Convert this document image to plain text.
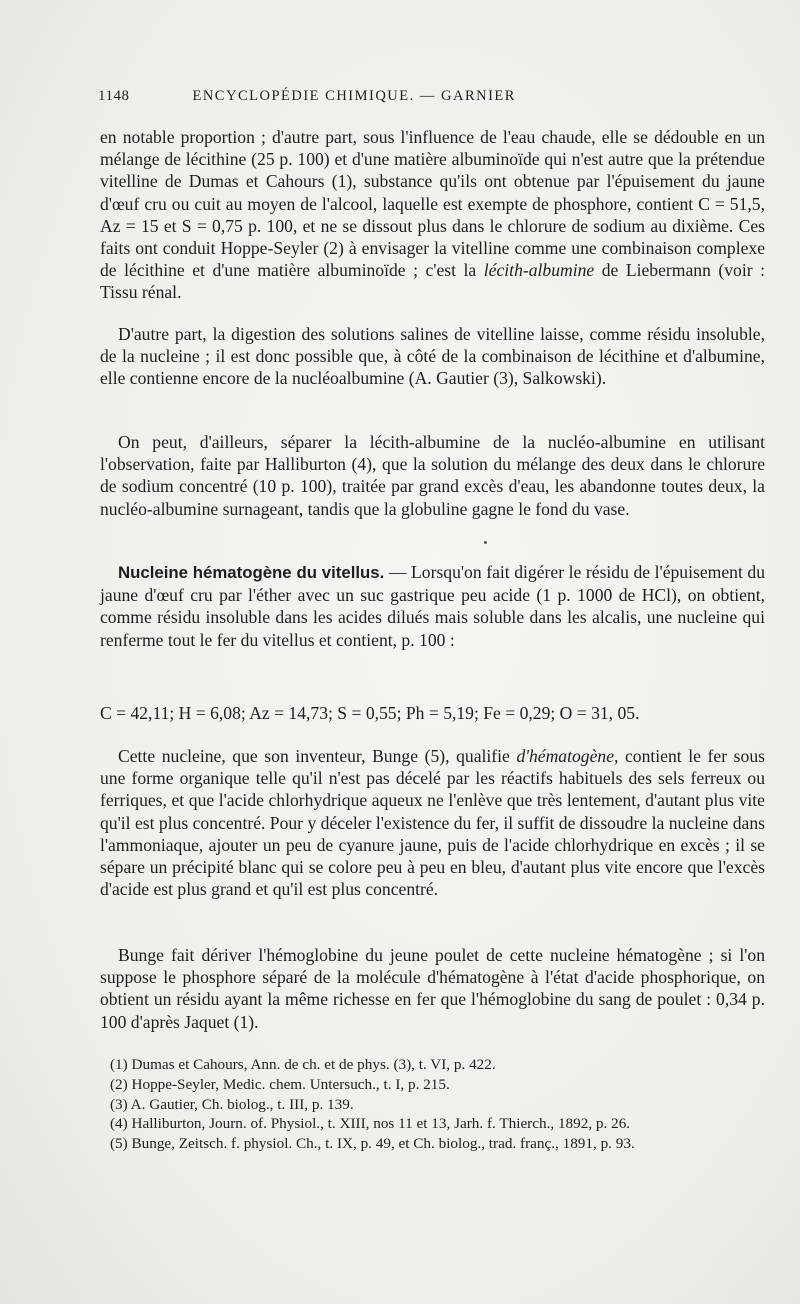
1148	ENCYCLOPÉDIE CHIMIQUE. — GARNIER

en notable proportion ; d'autre part, sous l'influence de l'eau chaude, elle se dédouble en un mélange de lécithine (25 p. 100) et d'une matière albuminoïde qui n'est autre que la prétendue vitelline de Dumas et Cahours (1), substance qu'ils ont obtenue par l'épuisement du jaune d'œuf cru ou cuit au moyen de l'alcool, laquelle est exempte de phosphore, contient C = 51,5, Az = 15 et S = 0,75 p. 100, et ne se dissout plus dans le chlorure de sodium au dixième. Ces faits ont conduit Hoppe-Seyler (2) à envisager la vitelline comme une combinaison complexe de lécithine et d'une matière albuminoïde ; c'est la lécith-albumine de Liebermann (voir : Tissu rénal.

D'autre part, la digestion des solutions salines de vitelline laisse, comme résidu insoluble, de la nucleine ; il est donc possible que, à côté de la combinaison de lécithine et d'albumine, elle contienne encore de la nucléoalbumine (A. Gautier (3), Salkowski).

On peut, d'ailleurs, séparer la lécith-albumine de la nucléo-albumine en utilisant l'observation, faite par Halliburton (4), que la solution du mélange des deux dans le chlorure de sodium concentré (10 p. 100), traitée par grand excès d'eau, les abandonne toutes deux, la nucléo-albumine surnageant, tandis que la globuline gagne le fond du vase.

Nucleine hématogène du vitellus. — Lorsqu'on fait digérer le résidu de l'épuisement du jaune d'œuf cru par l'éther avec un suc gastrique peu acide (1 p. 1000 de HCl), on obtient, comme résidu insoluble dans les acides dilués mais soluble dans les alcalis, une nucleine qui renferme tout le fer du vitellus et contient, p. 100 :

C = 42,11; H = 6,08; Az = 14,73; S = 0,55; Ph = 5,19; Fe = 0,29; O = 31, 05.

Cette nucleine, que son inventeur, Bunge (5), qualifie d'hématogène, contient le fer sous une forme organique telle qu'il n'est pas décelé par les réactifs habituels des sels ferreux ou ferriques, et que l'acide chlorhydrique aqueux ne l'enlève que très lentement, d'autant plus vite qu'il est plus concentré. Pour y déceler l'existence du fer, il suffit de dissoudre la nucleine dans l'ammoniaque, ajouter un peu de cyanure jaune, puis de l'acide chlorhydrique en excès ; il se sépare un précipité blanc qui se colore peu à peu en bleu, d'autant plus vite encore que l'excès d'acide est plus grand et qu'il est plus concentré.

Bunge fait dériver l'hémoglobine du jeune poulet de cette nucleine hématogène ; si l'on suppose le phosphore séparé de la molécule d'hématogène à l'état d'acide phosphorique, on obtient un résidu ayant la même richesse en fer que l'hémoglobine du sang de poulet : 0,34 p. 100 d'après Jaquet (1).

(1) Dumas et Cahours, Ann. de ch. et de phys. (3), t. VI, p. 422.
(2) Hoppe-Seyler, Medic. chem. Untersuch., t. I, p. 215.
(3) A. Gautier, Ch. biolog., t. III, p. 139.
(4) Halliburton, Journ. of. Physiol., t. XIII, nos 11 et 13, Jarh. f. Thierch., 1892, p. 26.
(5) Bunge, Zeitsch. f. physiol. Ch., t. IX, p. 49, et Ch. biolog., trad. franç., 1891, p. 93.
